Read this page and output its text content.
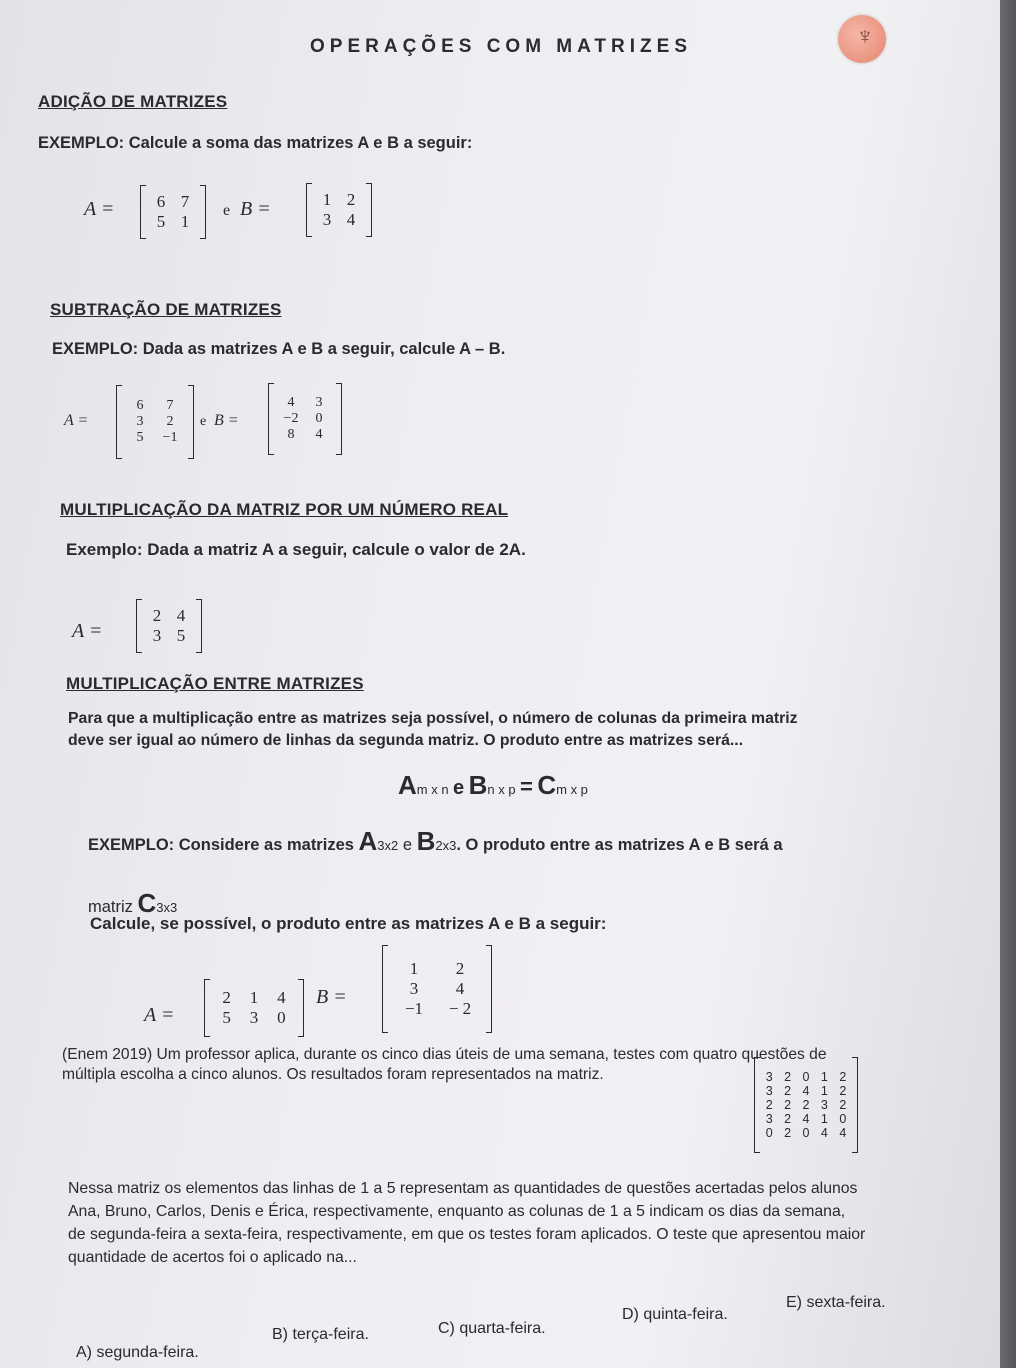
OPERAÇÕES COM MATRIZES	♆
ADIÇÃO DE MATRIZES
EXEMPLO: Calcule a soma das matrizes A e B a seguir:
A =	6 7
5 1
e B =	1 2
3 4
SUBTRAÇÃO DE MATRIZES
EXEMPLO: Dada as matrizes A e B a seguir, calcule A – B.
A =
6	7
3	2
5	−1
e B =
4	3
−2	0
8	4
MULTIPLICAÇÃO DA MATRIZ POR UM NÚMERO REAL
Exemplo: Dada a matriz A a seguir, calcule o valor de 2A.
A =
2 4
3 5
MULTIPLICAÇÃO ENTRE MATRIZES
Para que a multiplicação entre as matrizes seja possível, o número de colunas da primeira matriz
deve ser igual ao número de linhas da segunda matriz. O produto entre as matrizes será...
Am x n e Bn x p = Cm x p
EXEMPLO: Considere as matrizes A3x2 e B2x3. O produto entre as matrizes A e B será a
matriz C3x3
Calcule, se possível, o produto entre as matrizes A e B a seguir:
A =
2	1	4
5	3	0
B =
1	2
3	4
−1	− 2
(Enem 2019) Um professor aplica, durante os cinco dias úteis de uma semana, testes com quatro questões de
múltipla escolha a cinco alunos. Os resultados foram representados na matriz.	3 2 0 1 2
3 2 4 1 2
2 2 2 3 2
3 2 4 1 0
0 2 0 4 4
Nessa matriz os elementos das linhas de 1 a 5 representam as quantidades de questões acertadas pelos alunos
Ana, Bruno, Carlos, Denis e Érica, respectivamente, enquanto as colunas de 1 a 5 indicam os dias da semana,
de segunda-feira a sexta-feira, respectivamente, em que os testes foram aplicados. O teste que apresentou maior
quantidade de acertos foi o aplicado na...
A) segunda-feira.
B) terça-feira.	C) quarta-feira.
D) quinta-feira.
E) sexta-feira.
